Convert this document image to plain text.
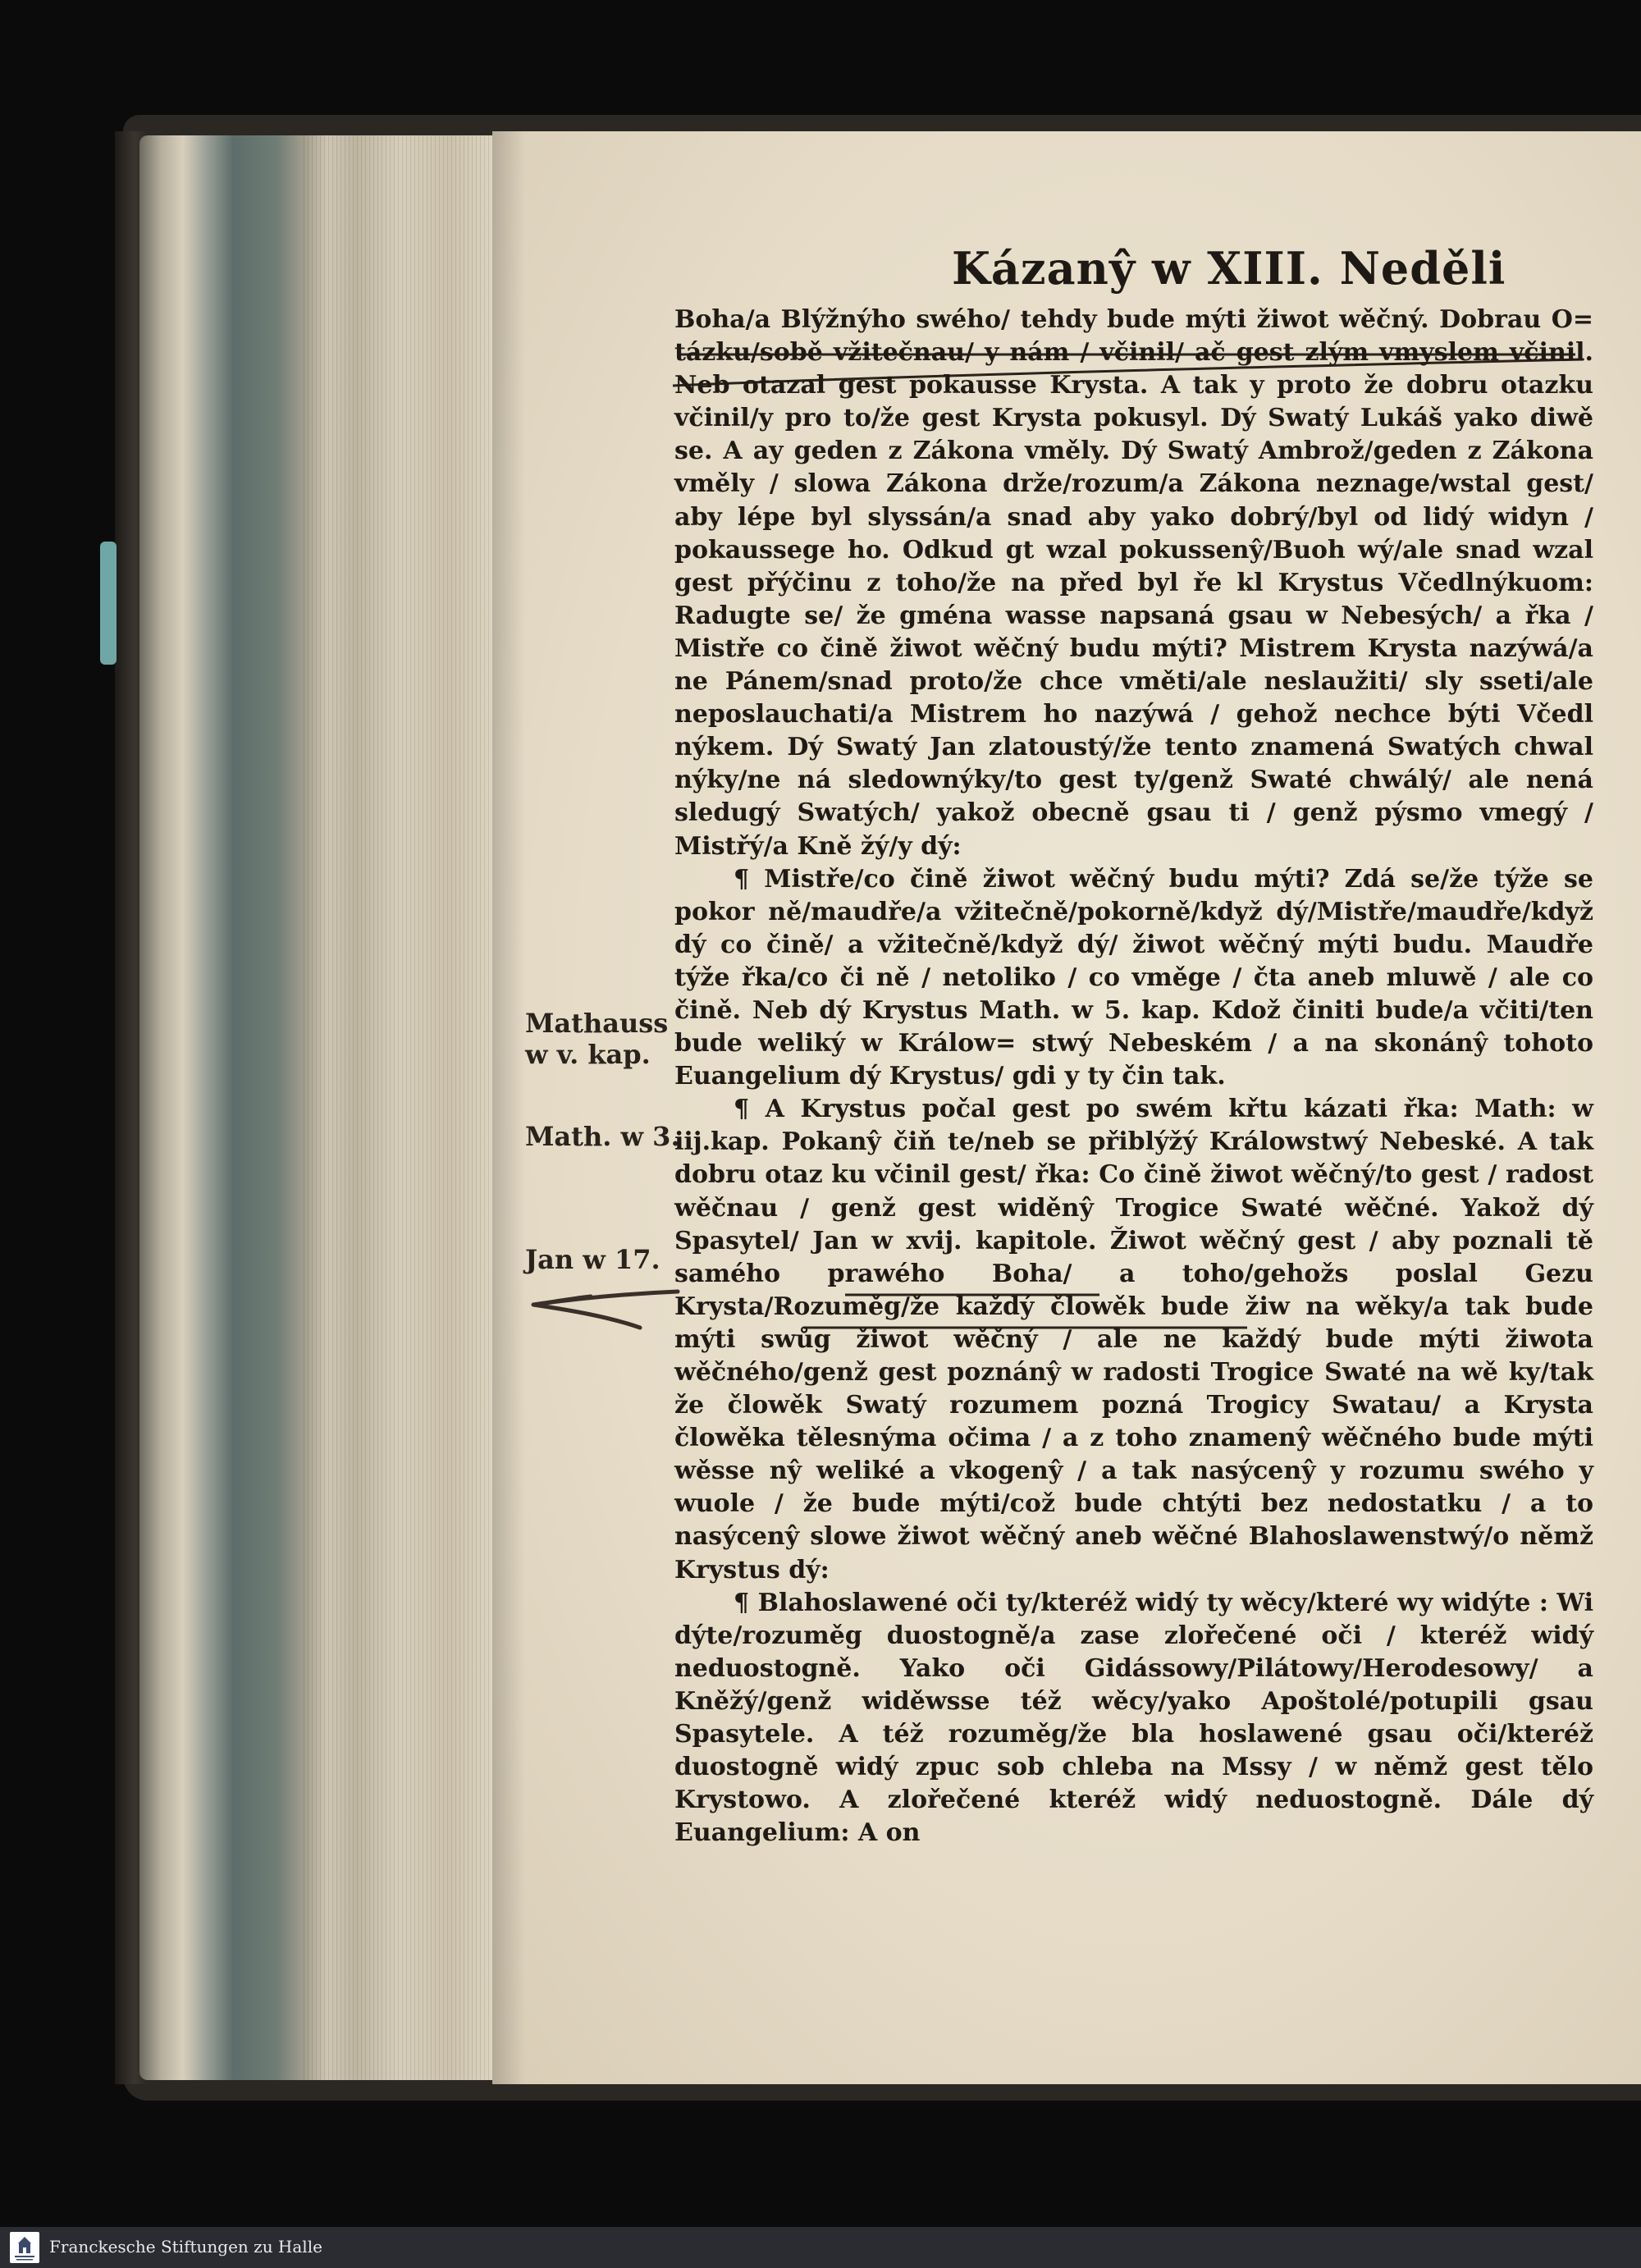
Kázanŷ w XIII. Neděli
Mathauss w v. kap.
Math. w 3.
Jan w 17.

Boha/a Blýžnýho swého/ tehdy bude mýti žiwot wěčný. Dobrau O= tázku/sobě vžitečnau/ y nám / včinil/ ač gest zlým vmyslem včinil. Neb otazal gest pokausse Krysta. A tak y proto že dobru otazku včinil/y pro to/že gest Krysta pokusyl. Dý Swatý Lukáš yako diwě se. A ay geden z Zákona vměly. Dý Swatý Ambrož/geden z Zákona vměly / slowa Zákona drže/rozum/a Zákona neznage/wstal gest/ aby lépe byl slyssán/a snad aby yako dobrý/byl od lidý widyn / pokaussege ho. Odkud gt wzal pokussenŷ/Buoh wý/ale snad wzal gest přýčinu z toho/že na před byl ře kl Krystus Včedlnýkuom: Radugte se/ že gména wasse napsaná gsau w Nebesých/ a řka / Mistře co čině žiwot wěčný budu mýti? Mistrem Krysta nazýwá/a ne Pánem/snad proto/že chce vměti/ale neslaužiti/ sly sseti/ale neposlauchati/a Mistrem ho nazýwá / gehož nechce býti Včedl nýkem. Dý Swatý Jan zlatoustý/že tento znamená Swatých chwal nýky/ne ná sledownýky/to gest ty/genž Swaté chwálý/ ale nená sledugý Swatých/ yakož obecně gsau ti / genž pýsmo vmegý / Mistřý/a Kně žý/y dý:

¶ Mistře/co čině žiwot wěčný budu mýti? Zdá se/že týže se pokor ně/maudře/a vžitečně/pokorně/když dý/Mistře/maudře/když dý co čině/ a vžitečně/když dý/ žiwot wěčný mýti budu. Maudře týže řka/co či ně / netoliko / co vměge / čta aneb mluwě / ale co čině. Neb dý Krystus Math. w 5. kap. Kdož činiti bude/a včiti/ten bude weliký w Králow= stwý Nebeském / a na skonánŷ tohoto Euangelium dý Krystus/ gdi y ty čin tak.

¶ A Krystus počal gest po swém křtu kázati řka: Math: w iij.kap. Pokanŷ čiň te/neb se přiblýžý Králowstwý Nebeské. A tak dobru otaz ku včinil gest/ řka: Co čině žiwot wěčný/to gest / radost wěčnau / genž gest widěnŷ Trogice Swaté wěčné. Yakož dý Spasytel/ Jan w xvij. kapitole. Žiwot wěčný gest / aby poznali tě samého prawého Boha/ a toho/gehožs poslal Gezu Krysta/Rozuměg/že každý člowěk bude žiw na wěky/a tak bude mýti swůg žiwot wěčný / ale ne každý bude mýti žiwota wěčného/genž gest poznánŷ w radosti Trogice Swaté na wě ky/tak že člowěk Swatý rozumem pozná Trogicy Swatau/ a Krysta člowěka tělesnýma očima / a z toho znamenŷ wěčného bude mýti wěsse nŷ weliké a vkogenŷ / a tak nasýcenŷ y rozumu swého y wuole / že bude mýti/což bude chtýti bez nedostatku / a to nasýcenŷ slowe žiwot wěčný aneb wěčné Blahoslawenstwý/o němž Krystus dý:

¶ Blahoslawené oči ty/kteréž widý ty wěcy/které wy widýte : Wi dýte/rozuměg duostogně/a zase zlořečené oči / kteréž widý neduostogně. Yako oči Gidássowy/Pilátowy/Herodesowy/ a Kněžý/genž widěwsse též wěcy/yako Apoštolé/potupili gsau Spasytele. A též rozuměg/že bla hoslawené gsau oči/kteréž duostogně widý zpuc sob chleba na Mssy / w němž gest tělo Krystowo. A zlořečené kteréž widý neduostogně. Dále dý Euangelium: A on

Franckesche Stiftungen zu Halle
